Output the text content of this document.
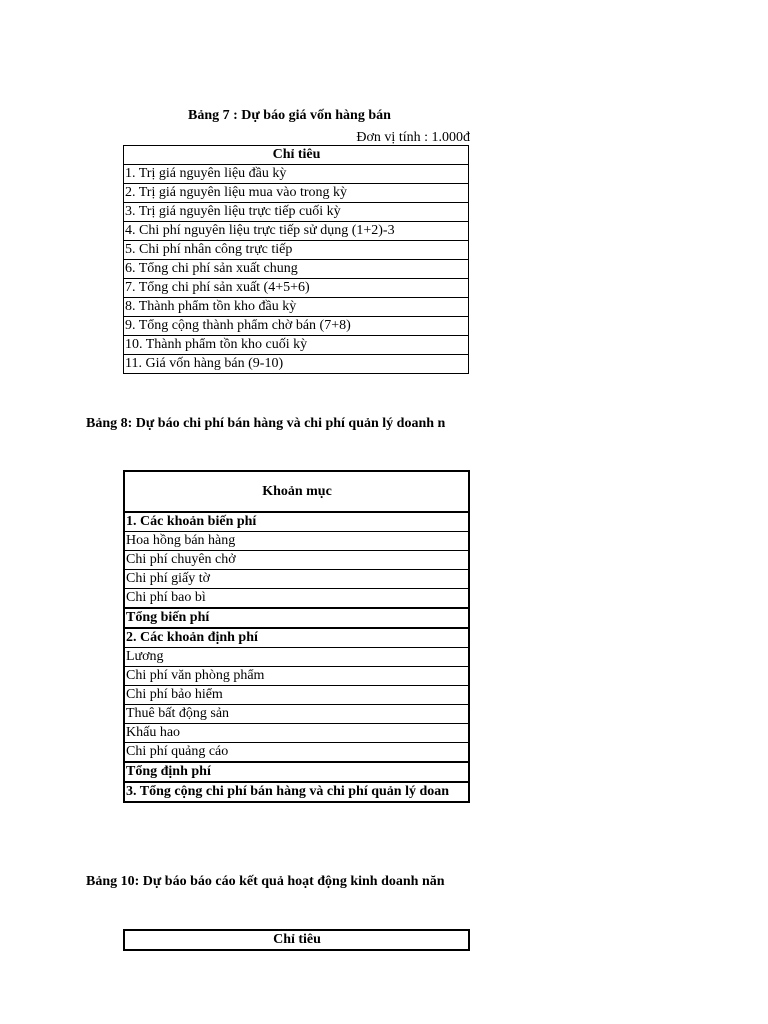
Bảng 7 : Dự báo giá vốn hàng bán
Đơn vị tính : 1.000đ
Chỉ tiêu
1. Trị giá nguyên liệu đầu kỳ
2. Trị giá nguyên liệu mua vào trong kỳ
3. Trị giá nguyên liệu trực tiếp cuối kỳ
4. Chi phí nguyên liệu trực tiếp sử dụng (1+2)-3
5. Chi phí nhân công trực tiếp
6. Tổng chi phí sản xuất chung
7. Tổng chi phí sản xuất (4+5+6)
8. Thành phẩm tồn kho đầu kỳ
9. Tổng cộng thành phẩm chờ bán (7+8)
10. Thành phẩm tồn kho cuối kỳ
11. Giá vốn hàng bán (9-10)
Bảng 8: Dự báo chi phí bán hàng và chi phí quản lý doanh n
Khoản mục
1. Các khoản biến phí
Hoa hồng bán hàng
Chi phí chuyên chở
Chi phí giấy tờ
Chi phí bao bì
Tổng biến phí
2. Các khoản định phí
Lương
Chi phí văn phòng phẩm
Chi phí bảo hiểm
Thuê bất động sản
Khấu hao
Chi phí quảng cáo
Tổng định phí
3. Tổng cộng chi phí bán hàng và chi phí quản lý doan
Bảng 10: Dự báo báo cáo kết quả hoạt động kinh doanh năn
Chỉ tiêu
